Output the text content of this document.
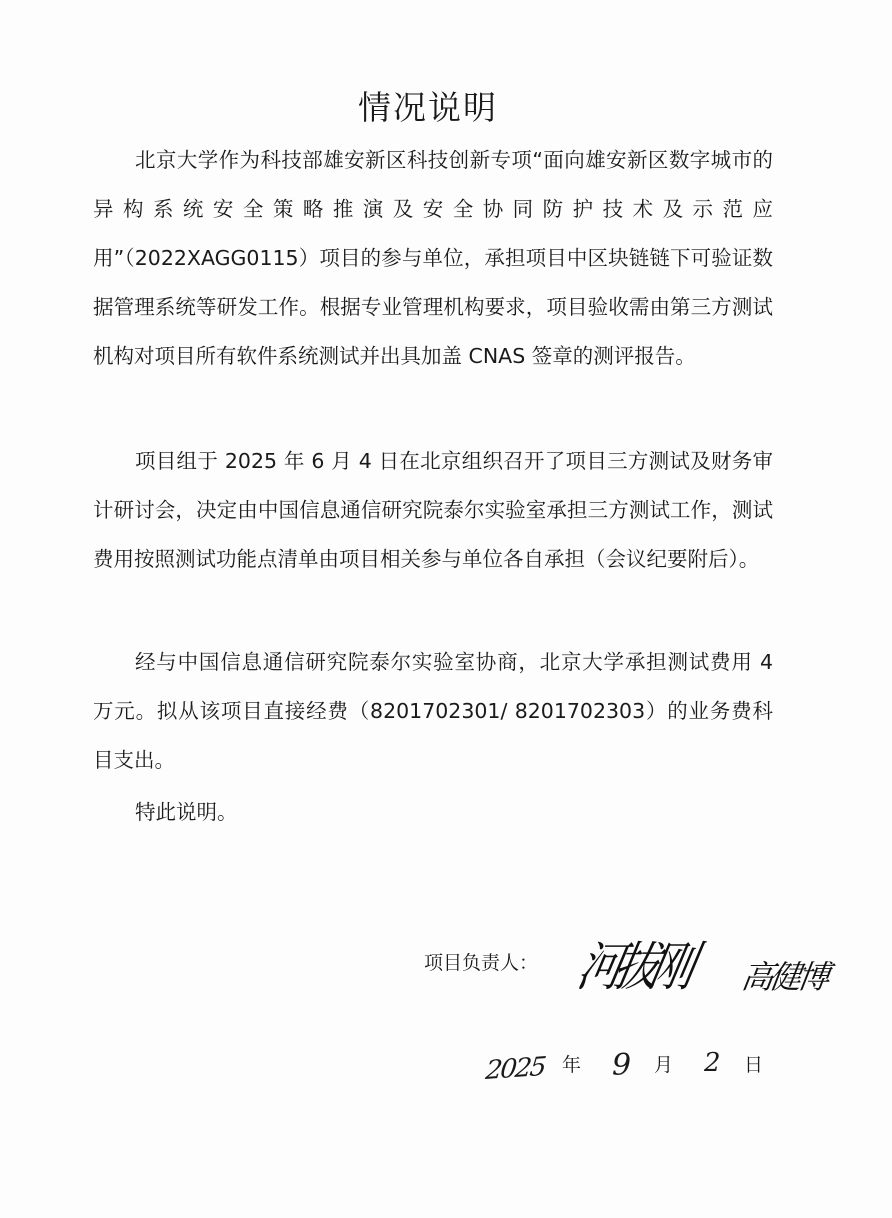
情况说明

北京大学作为科技部雄安新区科技创新专项“面向雄安新区数字城市的异构系统安全策略推演及安全协同防护技术及示范应用”（2022XAGG0115）项目的参与单位，承担项目中区块链链下可验证数据管理系统等研发工作。根据专业管理机构要求，项目验收需由第三方测试机构对项目所有软件系统测试并出具加盖 CNAS 签章的测评报告。

项目组于 2025 年 6 月 4 日在北京组织召开了项目三方测试及财务审计研讨会，决定由中国信息通信研究院泰尔实验室承担三方测试工作，测试费用按照测试功能点清单由项目相关参与单位各自承担（会议纪要附后）。

经与中国信息通信研究院泰尔实验室协商，北京大学承担测试费用 4 万元。拟从该项目直接经费（8201702301/ 8201702303）的业务费科目支出。

特此说明。

项目负责人： 河拔刚 高健博
2025 年 9 月 2 日
